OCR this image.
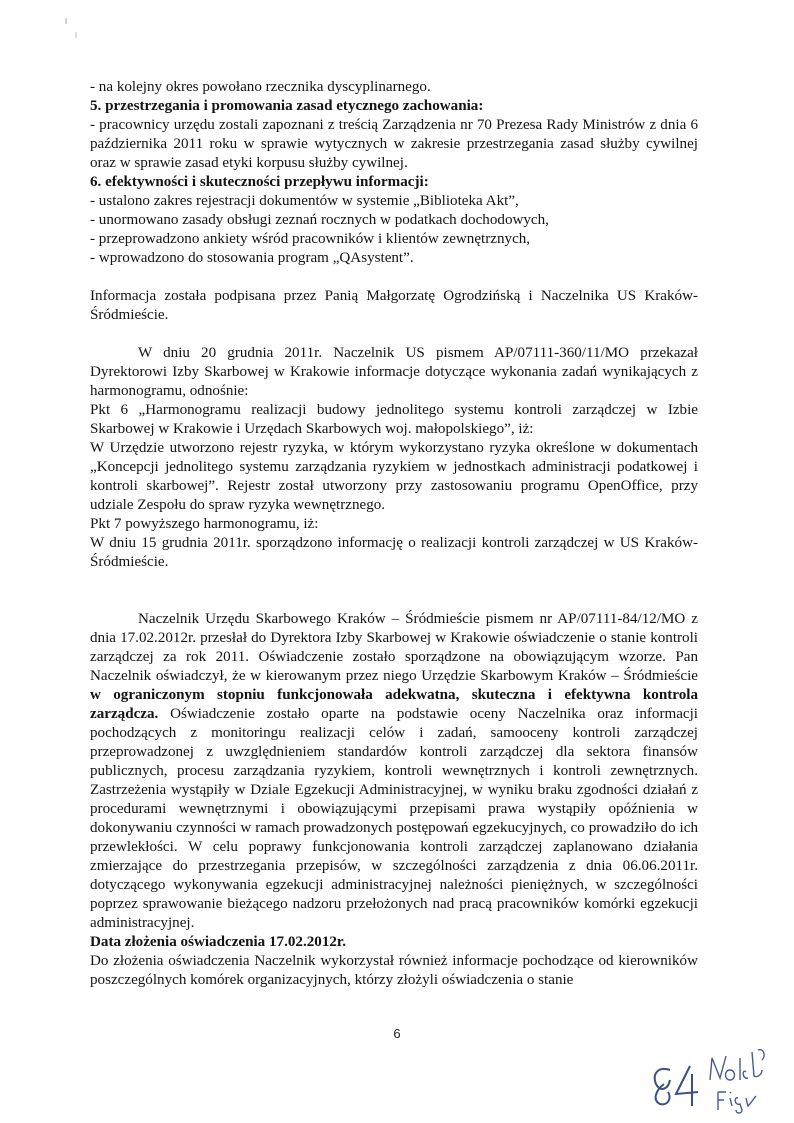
- na kolejny okres powołano rzecznika dyscyplinarnego.

5. przestrzegania i promowania zasad etycznego zachowania:

- pracownicy urzędu zostali zapoznani z treścią Zarządzenia nr 70 Prezesa Rady Ministrów z dnia 6 października 2011 roku w sprawie wytycznych w zakresie przestrzegania zasad służby cywilnej oraz w sprawie zasad etyki korpusu służby cywilnej.

6. efektywności i skuteczności przepływu informacji:

- ustalono zakres rejestracji dokumentów w systemie „Biblioteka Akt”,

- unormowano zasady obsługi zeznań rocznych w podatkach dochodowych,

- przeprowadzono ankiety wśród pracowników i klientów zewnętrznych,

- wprowadzono do stosowania program „QAsystent”.

Informacja została podpisana przez Panią Małgorzatę Ogrodzińską i Naczelnika US Kraków-Śródmieście.

W dniu 20 grudnia 2011r. Naczelnik US pismem AP/07111-360/11/MO przekazał Dyrektorowi Izby Skarbowej w Krakowie informacje dotyczące wykonania zadań wynikających z harmonogramu, odnośnie:

Pkt 6 „Harmonogramu realizacji budowy jednolitego systemu kontroli zarządczej w Izbie Skarbowej w Krakowie i Urzędach Skarbowych woj. małopolskiego”, iż:

W Urzędzie utworzono rejestr ryzyka, w którym wykorzystano ryzyka określone w dokumentach „Koncepcji jednolitego systemu zarządzania ryzykiem w jednostkach administracji podatkowej i kontroli skarbowej”. Rejestr został utworzony przy zastosowaniu programu OpenOffice, przy udziale Zespołu do spraw ryzyka wewnętrznego.

Pkt 7 powyższego harmonogramu, iż:

W dniu 15 grudnia 2011r. sporządzono informację o realizacji kontroli zarządczej w US Kraków- Śródmieście.

Naczelnik Urzędu Skarbowego Kraków – Śródmieście pismem nr AP/07111-84/12/MO z dnia 17.02.2012r. przesłał do Dyrektora Izby Skarbowej w Krakowie oświadczenie o stanie kontroli zarządczej za rok 2011. Oświadczenie zostało sporządzone na obowiązującym wzorze. Pan Naczelnik oświadczył, że w kierowanym przez niego Urzędzie Skarbowym Kraków – Śródmieście w ograniczonym stopniu funkcjonowała adekwatna, skuteczna i efektywna kontrola zarządcza. Oświadczenie zostało oparte na podstawie oceny Naczelnika oraz informacji pochodzących z monitoringu realizacji celów i zadań, samooceny kontroli zarządczej przeprowadzonej z uwzględnieniem standardów kontroli zarządczej dla sektora finansów publicznych, procesu zarządzania ryzykiem, kontroli wewnętrznych i kontroli zewnętrznych. Zastrzeżenia wystąpiły w Dziale Egzekucji Administracyjnej, w wyniku braku zgodności działań z procedurami wewnętrznymi i obowiązującymi przepisami prawa wystąpiły opóźnienia w dokonywaniu czynności w ramach prowadzonych postępowań egzekucyjnych, co prowadziło do ich przewlekłości. W celu poprawy funkcjonowania kontroli zarządczej zaplanowano działania zmierzające do przestrzegania przepisów, w szczególności zarządzenia z dnia 06.06.2011r. dotyczącego wykonywania egzekucji administracyjnej należności pieniężnych, w szczególności poprzez sprawowanie bieżącego nadzoru przełożonych nad pracą pracowników komórki egzekucji administracyjnej.

Data złożenia oświadczenia 17.02.2012r.

Do złożenia oświadczenia Naczelnik wykorzystał również informacje pochodzące od kierowników poszczególnych komórek organizacyjnych, którzy złożyli oświadczenia o stanie

6
